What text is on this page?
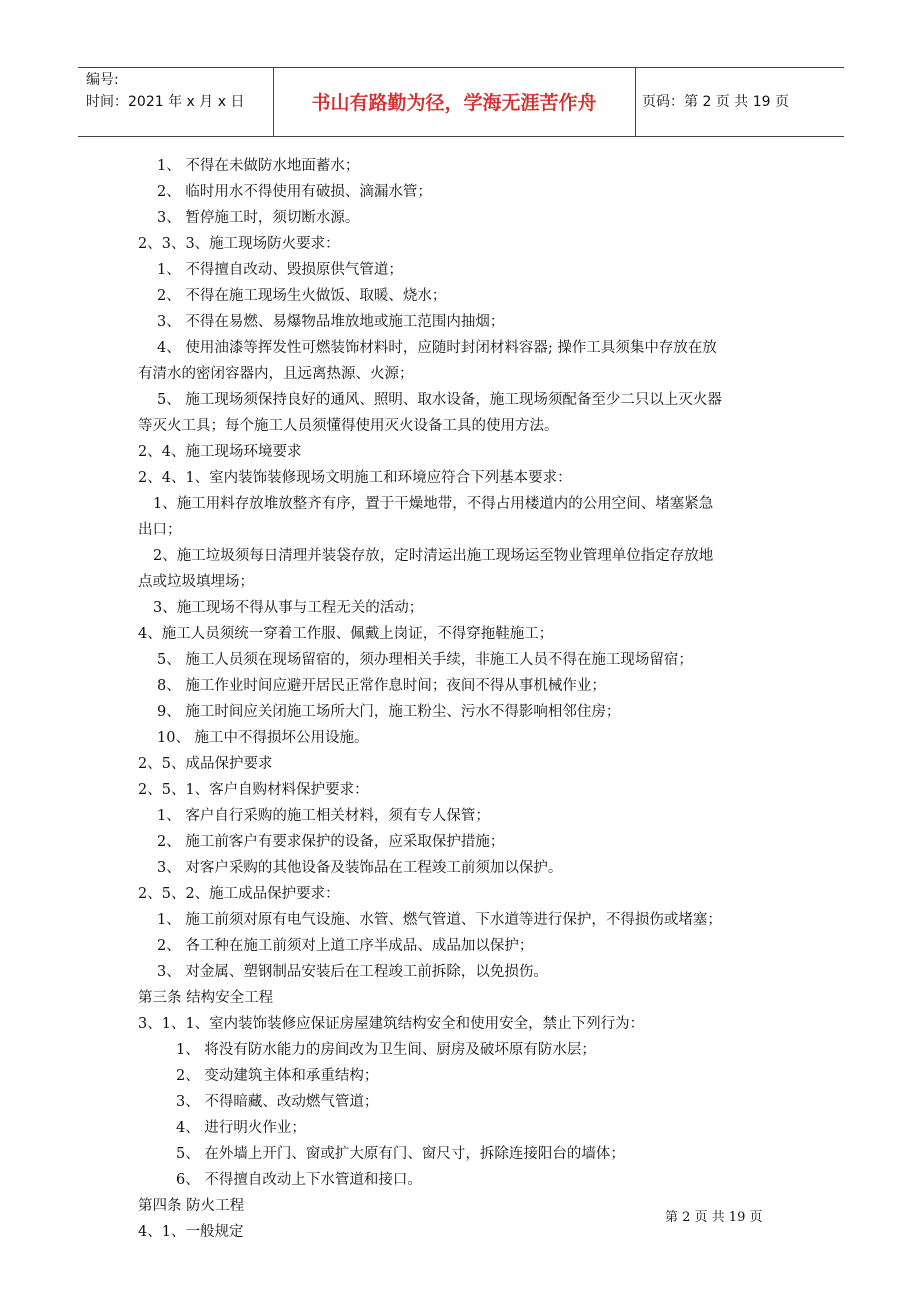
编号:
时间：2021 年 x 月 x 日	书山有路勤为径，学海无涯苦作舟	页码：第 2 页 共 19 页
1、 不得在未做防水地面蓄水；
2、 临时用水不得使用有破损、滴漏水管；
3、 暂停施工时，须切断水源。
2、3、3、施工现场防火要求：
1、 不得擅自改动、毁损原供气管道；
2、 不得在施工现场生火做饭、取暖、烧水；
3、 不得在易燃、易爆物品堆放地或施工范围内抽烟；
4、 使用油漆等挥发性可燃装饰材料时，应随时封闭材料容器; 操作工具须集中存放在放
有清水的密闭容器内，且远离热源、火源；
5、 施工现场须保持良好的通风、照明、取水设备，施工现场须配备至少二只以上灭火器
等灭火工具；每个施工人员须懂得使用灭火设备工具的使用方法。
2、4、施工现场环境要求
2、4、1、室内装饰装修现场文明施工和环境应符合下列基本要求：
1、施工用料存放堆放整齐有序，置于干燥地带，不得占用楼道内的公用空间、堵塞紧急
出口；
2、施工垃圾须每日清理并装袋存放，定时清运出施工现场运至物业管理单位指定存放地
点或垃圾填埋场；
3、施工现场不得从事与工程无关的活动；
4、施工人员须统一穿着工作服、佩戴上岗证，不得穿拖鞋施工；
5、 施工人员须在现场留宿的，须办理相关手续，非施工人员不得在施工现场留宿；
8、 施工作业时间应避开居民正常作息时间；夜间不得从事机械作业；
9、 施工时间应关闭施工场所大门，施工粉尘、污水不得影响相邻住房；
10、 施工中不得损坏公用设施。
2、5、成品保护要求
2、5、1、客户自购材料保护要求：
1、 客户自行采购的施工相关材料，须有专人保管；
2、 施工前客户有要求保护的设备，应采取保护措施；
3、 对客户采购的其他设备及装饰品在工程竣工前须加以保护。
2、5、2、施工成品保护要求：
1、 施工前须对原有电气设施、水管、燃气管道、下水道等进行保护，不得损伤或堵塞；
2、 各工种在施工前须对上道工序半成品、成品加以保护；
3、 对金属、塑钢制品安装后在工程竣工前拆除，以免损伤。
第三条 结构安全工程
3、1、1、室内装饰装修应保证房屋建筑结构安全和使用安全，禁止下列行为：
1、 将没有防水能力的房间改为卫生间、厨房及破坏原有防水层；
2、 变动建筑主体和承重结构；
3、 不得暗藏、改动燃气管道；
4、 进行明火作业；
5、 在外墙上开门、窗或扩大原有门、窗尺寸，拆除连接阳台的墙体；
6、 不得擅自改动上下水管道和接口。
第四条 防火工程
4、1、一般规定
第 2 页 共 19 页
